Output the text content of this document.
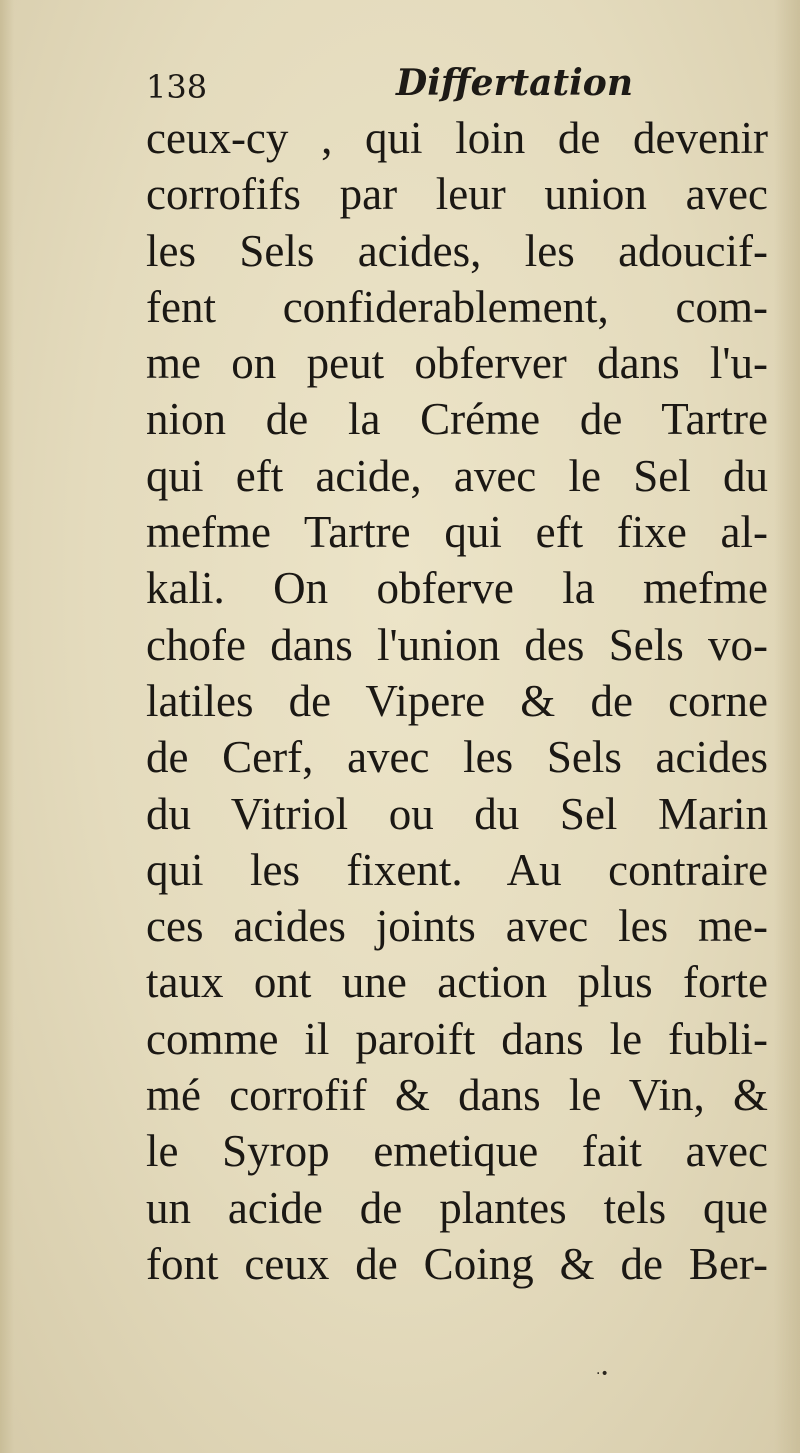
138	Differtation
ceux-cy , qui loin de devenir
corrofifs par leur union avec
les Sels acides, les adoucif-
fent confiderablement, com-
me on peut obferver dans l'u-
nion de la Créme de Tartre
qui eft acide, avec le Sel du
mefme Tartre qui eft fixe al-
kali. On obferve la mefme
chofe dans l'union des Sels vo-
latiles de Vipere & de corne
de Cerf, avec les Sels acides
du Vitriol ou du Sel Marin
qui les fixent. Au contraire
ces acides joints avec les me-
taux ont une action plus forte
comme il paroift dans le fubli-
mé corrofif & dans le Vin, &
le Syrop emetique fait avec
un acide de plantes tels que
font ceux de Coing & de Ber-
·•
